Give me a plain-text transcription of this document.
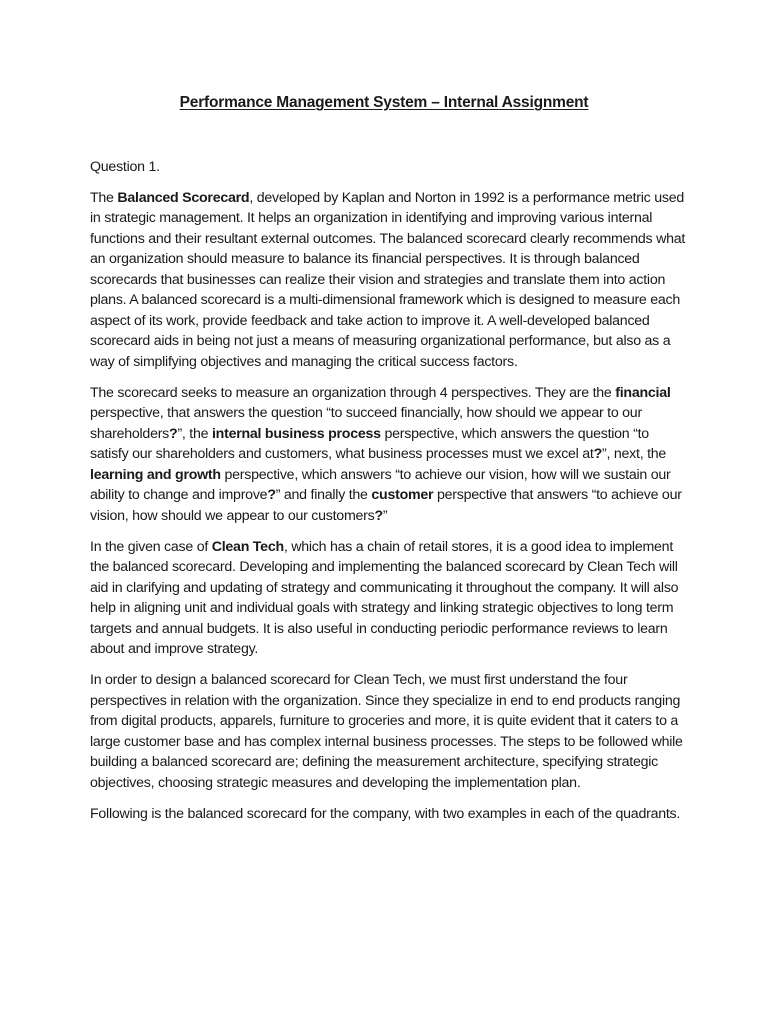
Performance Management System – Internal Assignment

Question 1.

The Balanced Scorecard, developed by Kaplan and Norton in 1992 is a performance metric used in strategic management. It helps an organization in identifying and improving various internal functions and their resultant external outcomes. The balanced scorecard clearly recommends what an organization should measure to balance its financial perspectives. It is through balanced scorecards that businesses can realize their vision and strategies and translate them into action plans. A balanced scorecard is a multi-dimensional framework which is designed to measure each aspect of its work, provide feedback and take action to improve it. A well-developed balanced scorecard aids in being not just a means of measuring organizational performance, but also as a way of simplifying objectives and managing the critical success factors.

The scorecard seeks to measure an organization through 4 perspectives. They are the financial perspective, that answers the question “to succeed financially, how should we appear to our shareholders?”, the internal business process perspective, which answers the question “to satisfy our shareholders and customers, what business processes must we excel at?”, next, the learning and growth perspective, which answers “to achieve our vision, how will we sustain our ability to change and improve?” and finally the customer perspective that answers “to achieve our vision, how should we appear to our customers?”

In the given case of Clean Tech, which has a chain of retail stores, it is a good idea to implement the balanced scorecard. Developing and implementing the balanced scorecard by Clean Tech will aid in clarifying and updating of strategy and communicating it throughout the company. It will also help in aligning unit and individual goals with strategy and linking strategic objectives to long term targets and annual budgets. It is also useful in conducting periodic performance reviews to learn about and improve strategy.

In order to design a balanced scorecard for Clean Tech, we must first understand the four perspectives in relation with the organization. Since they specialize in end to end products ranging from digital products, apparels, furniture to groceries and more, it is quite evident that it caters to a large customer base and has complex internal business processes. The steps to be followed while building a balanced scorecard are; defining the measurement architecture, specifying strategic objectives, choosing strategic measures and developing the implementation plan.

Following is the balanced scorecard for the company, with two examples in each of the quadrants.
